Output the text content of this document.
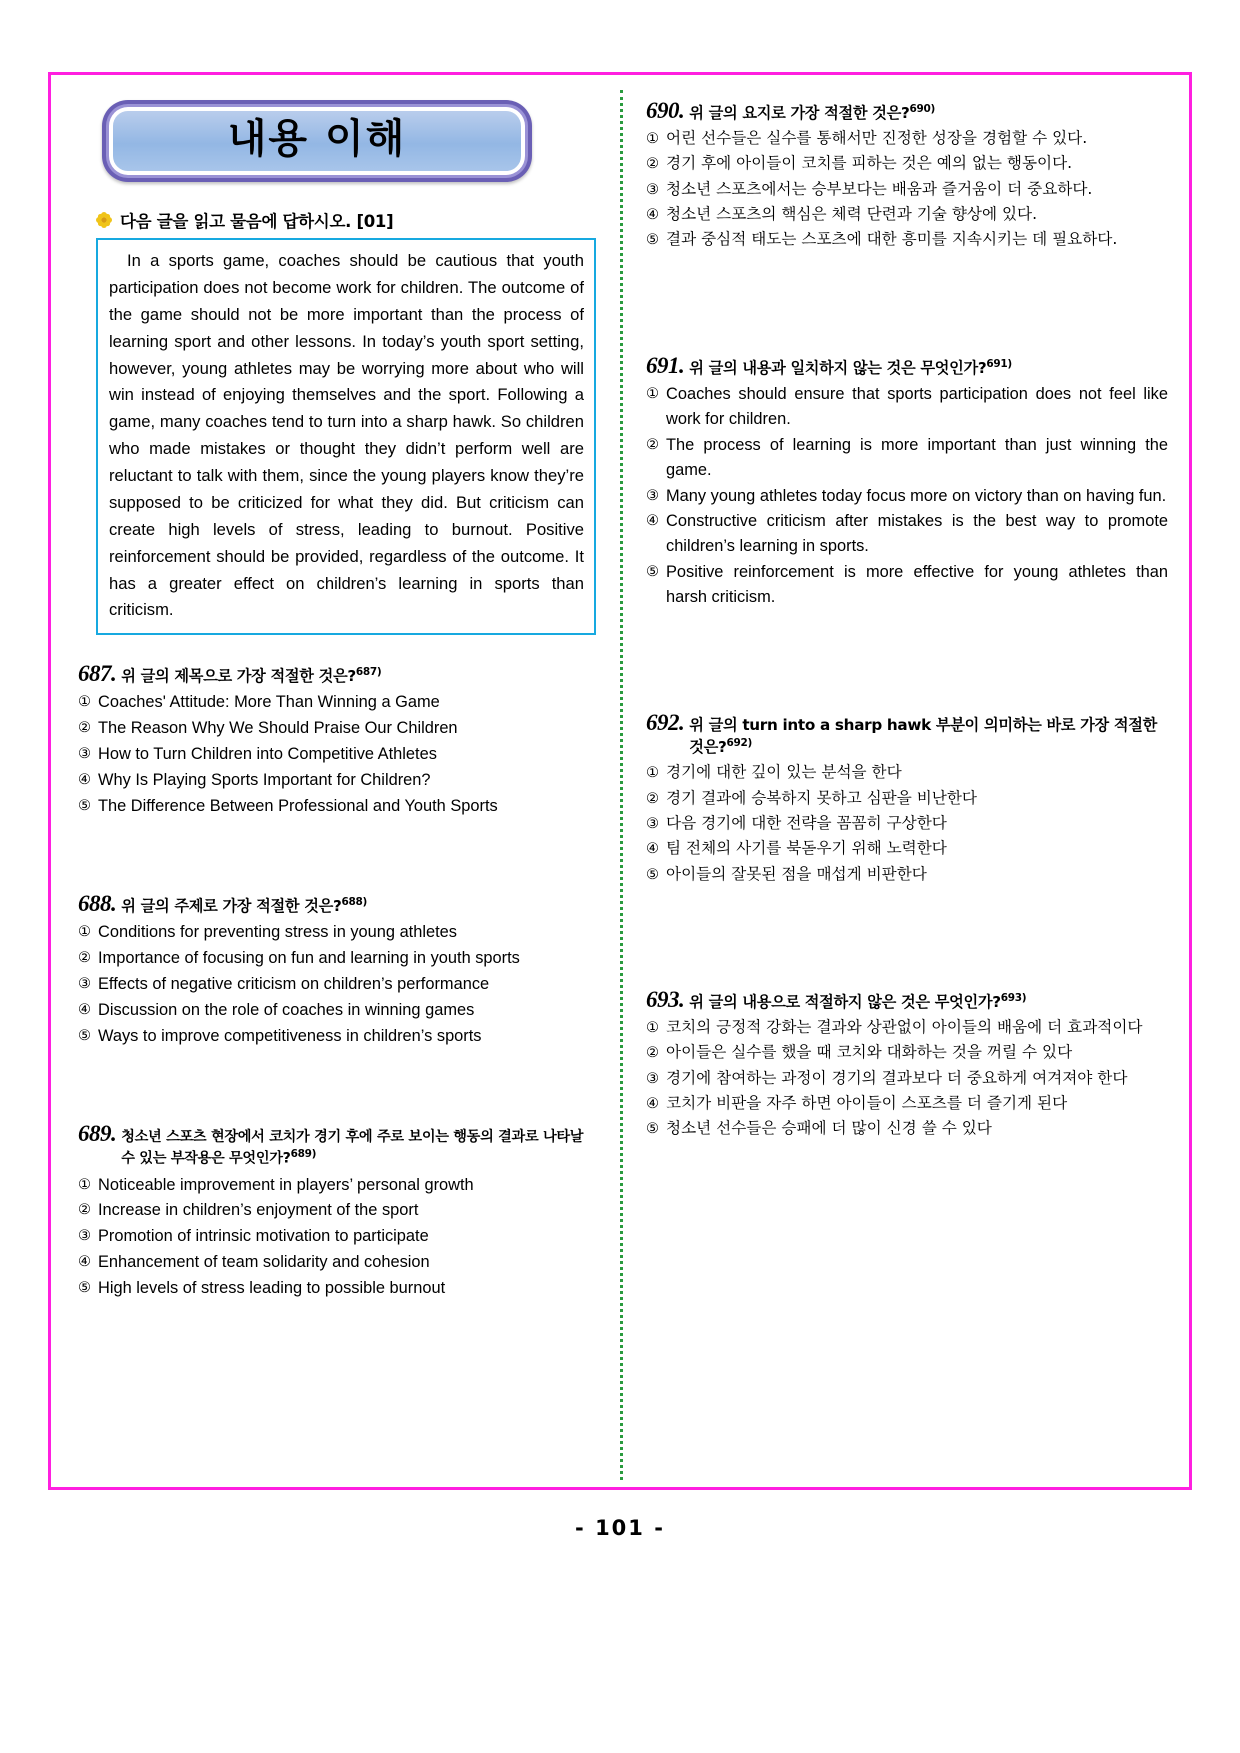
내용 이해
다음 글을 읽고 물음에 답하시오. [01]

In a sports game, coaches should be cautious that youth participation does not become work for children. The outcome of the game should not be more important than the process of learning sport and other lessons. In today’s youth sport setting, however, young athletes may be worrying more about who will win instead of enjoying themselves and the sport. Following a game, many coaches tend to turn into a sharp hawk. So children who made mistakes or thought they didn’t perform well are reluctant to talk with them, since the young players know they’re supposed to be criticized for what they did. But criticism can create high levels of stress, leading to burnout. Positive reinforcement should be provided, regardless of the outcome. It has a greater effect on children’s learning in sports than criticism.

687. 위 글의 제목으로 가장 적절한 것은?$^{687)}$
① Coaches' Attitude: More Than Winning a Game
② The Reason Why We Should Praise Our Children
③ How to Turn Children into Competitive Athletes
④ Why Is Playing Sports Important for Children?
⑤ The Difference Between Professional and Youth Sports
688. 위 글의 주제로 가장 적절한 것은?$^{688)}$
① Conditions for preventing stress in young athletes
② Importance of focusing on fun and learning in youth sports
③ Effects of negative criticism on children’s performance
④ Discussion on the role of coaches in winning games
⑤ Ways to improve competitiveness in children’s sports
689. 청소년 스포츠 현장에서 코치가 경기 후에 주로 보이는 행동의 결과로 나타날 수 있는 부작용은 무엇인가?$^{689)}$
① Noticeable improvement in players’ personal growth
② Increase in children’s enjoyment of the sport
③ Promotion of intrinsic motivation to participate
④ Enhancement of team solidarity and cohesion
⑤ High levels of stress leading to possible burnout
690. 위 글의 요지로 가장 적절한 것은?$^{690)}$
① 어린 선수들은 실수를 통해서만 진정한 성장을 경험할 수 있다.
② 경기 후에 아이들이 코치를 피하는 것은 예의 없는 행동이다.
③ 청소년 스포츠에서는 승부보다는 배움과 즐거움이 더 중요하다.
④ 청소년 스포츠의 핵심은 체력 단련과 기술 향상에 있다.
⑤ 결과 중심적 태도는 스포츠에 대한 흥미를 지속시키는 데 필요하다.
691. 위 글의 내용과 일치하지 않는 것은 무엇인가?$^{691)}$
① Coaches should ensure that sports participation does not feel like work for children.
② The process of learning is more important than just winning the game.
③ Many young athletes today focus more on victory than on having fun.
④ Constructive criticism after mistakes is the best way to promote children’s learning in sports.
⑤ Positive reinforcement is more effective for young athletes than harsh criticism.
692. 위 글의 turn into a sharp hawk 부분이 의미하는 바로 가장 적절한 것은?$^{692)}$
① 경기에 대한 깊이 있는 분석을 한다
② 경기 결과에 승복하지 못하고 심판을 비난한다
③ 다음 경기에 대한 전략을 꼼꼼히 구상한다
④ 팀 전체의 사기를 북돋우기 위해 노력한다
⑤ 아이들의 잘못된 점을 매섭게 비판한다
693. 위 글의 내용으로 적절하지 않은 것은 무엇인가?$^{693)}$
① 코치의 긍정적 강화는 결과와 상관없이 아이들의 배움에 더 효과적이다
② 아이들은 실수를 했을 때 코치와 대화하는 것을 꺼릴 수 있다
③ 경기에 참여하는 과정이 경기의 결과보다 더 중요하게 여겨져야 한다
④ 코치가 비판을 자주 하면 아이들이 스포츠를 더 즐기게 된다
⑤ 청소년 선수들은 승패에 더 많이 신경 쓸 수 있다
- 101 -
